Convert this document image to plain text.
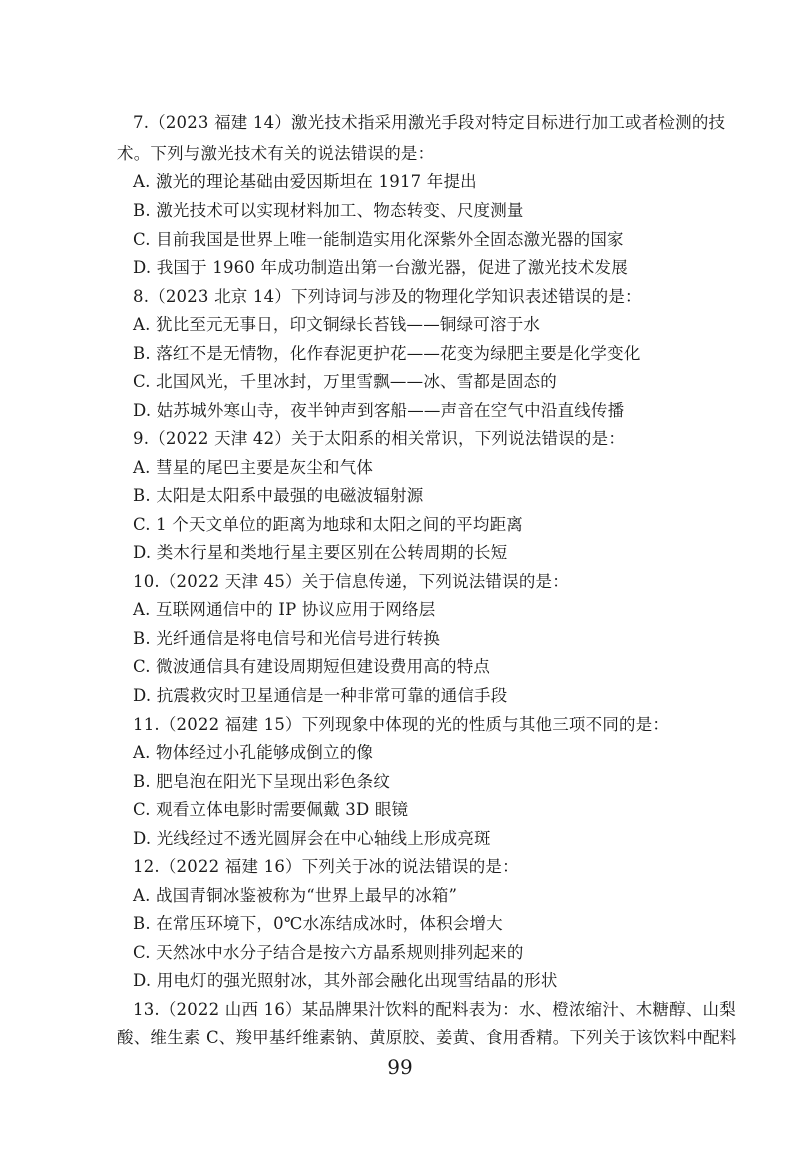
7.（2023 福建 14）激光技术指采用激光手段对特定目标进行加工或者检测的技
术。下列与激光技术有关的说法错误的是：
A. 激光的理论基础由爱因斯坦在 1917 年提出
B. 激光技术可以实现材料加工、物态转变、尺度测量
C. 目前我国是世界上唯一能制造实用化深紫外全固态激光器的国家
D. 我国于 1960 年成功制造出第一台激光器，促进了激光技术发展
8.（2023 北京 14）下列诗词与涉及的物理化学知识表述错误的是：
A. 犹比至元无事日，印文铜绿长苔钱——铜绿可溶于水
B. 落红不是无情物，化作春泥更护花——花变为绿肥主要是化学变化
C. 北国风光，千里冰封，万里雪飘——冰、雪都是固态的
D. 姑苏城外寒山寺，夜半钟声到客船——声音在空气中沿直线传播
9.（2022 天津 42）关于太阳系的相关常识，下列说法错误的是：
A. 彗星的尾巴主要是灰尘和气体
B. 太阳是太阳系中最强的电磁波辐射源
C. 1 个天文单位的距离为地球和太阳之间的平均距离
D. 类木行星和类地行星主要区别在公转周期的长短
10.（2022 天津 45）关于信息传递，下列说法错误的是：
A. 互联网通信中的 IP 协议应用于网络层
B. 光纤通信是将电信号和光信号进行转换
C. 微波通信具有建设周期短但建设费用高的特点
D. 抗震救灾时卫星通信是一种非常可靠的通信手段
11.（2022 福建 15）下列现象中体现的光的性质与其他三项不同的是：
A. 物体经过小孔能够成倒立的像
B. 肥皂泡在阳光下呈现出彩色条纹
C. 观看立体电影时需要佩戴 3D 眼镜
D. 光线经过不透光圆屏会在中心轴线上形成亮斑
12.（2022 福建 16）下列关于冰的说法错误的是：
A. 战国青铜冰鉴被称为“世界上最早的冰箱”
B. 在常压环境下，0℃水冻结成冰时，体积会增大
C. 天然冰中水分子结合是按六方晶系规则排列起来的
D. 用电灯的强光照射冰，其外部会融化出现雪结晶的形状
13.（2022 山西 16）某品牌果汁饮料的配料表为：水、橙浓缩汁、木糖醇、山梨
酸、维生素 C、羧甲基纤维素钠、黄原胶、姜黄、食用香精。下列关于该饮料中配料
99
